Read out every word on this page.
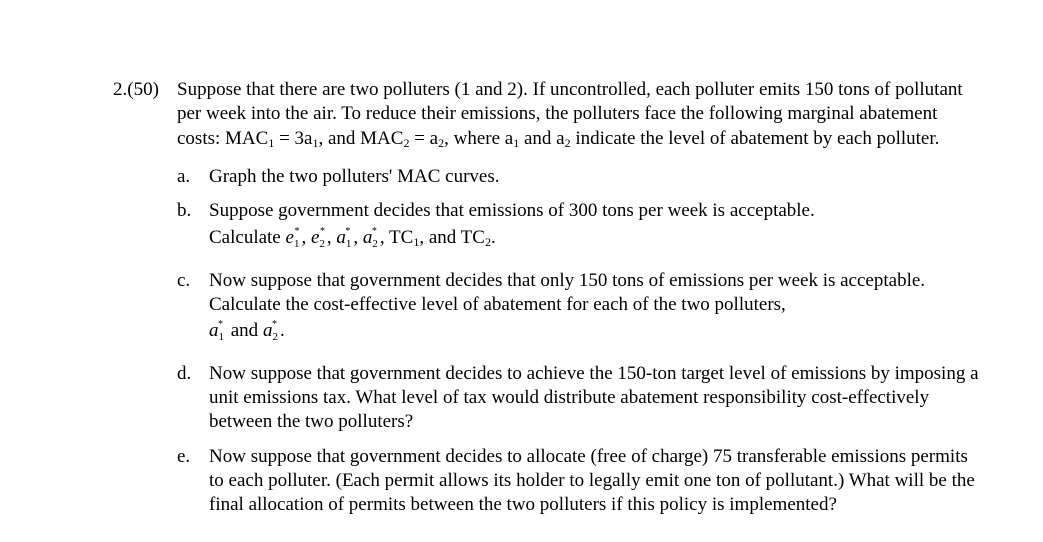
2.(50) Suppose that there are two polluters (1 and 2). If uncontrolled, each polluter emits 150 tons of pollutant per week into the air. To reduce their emissions, the polluters face the following marginal abatement costs: MAC1 = 3a1, and MAC2 = a2, where a1 and a2 indicate the level of abatement by each polluter.
a. Graph the two polluters' MAC curves.
b. Suppose government decides that emissions of 300 tons per week is acceptable.
Calculate $e_1$
* , $e_2$
* , $a_1$
* , $a_2$
* , TC1, and TC2.
c. Now suppose that government decides that only 150 tons of emissions per week is acceptable. Calculate the cost-effective level of abatement for each of the two polluters,
$a_1$
* and $a_2$
* .
d. Now suppose that government decides to achieve the 150-ton target level of emissions by imposing a unit emissions tax. What level of tax would distribute abatement responsibility cost-effectively between the two polluters?
e. Now suppose that government decides to allocate (free of charge) 75 transferable emissions permits to each polluter. (Each permit allows its holder to legally emit one ton of pollutant.) What will be the final allocation of permits between the two polluters if this policy is implemented?
